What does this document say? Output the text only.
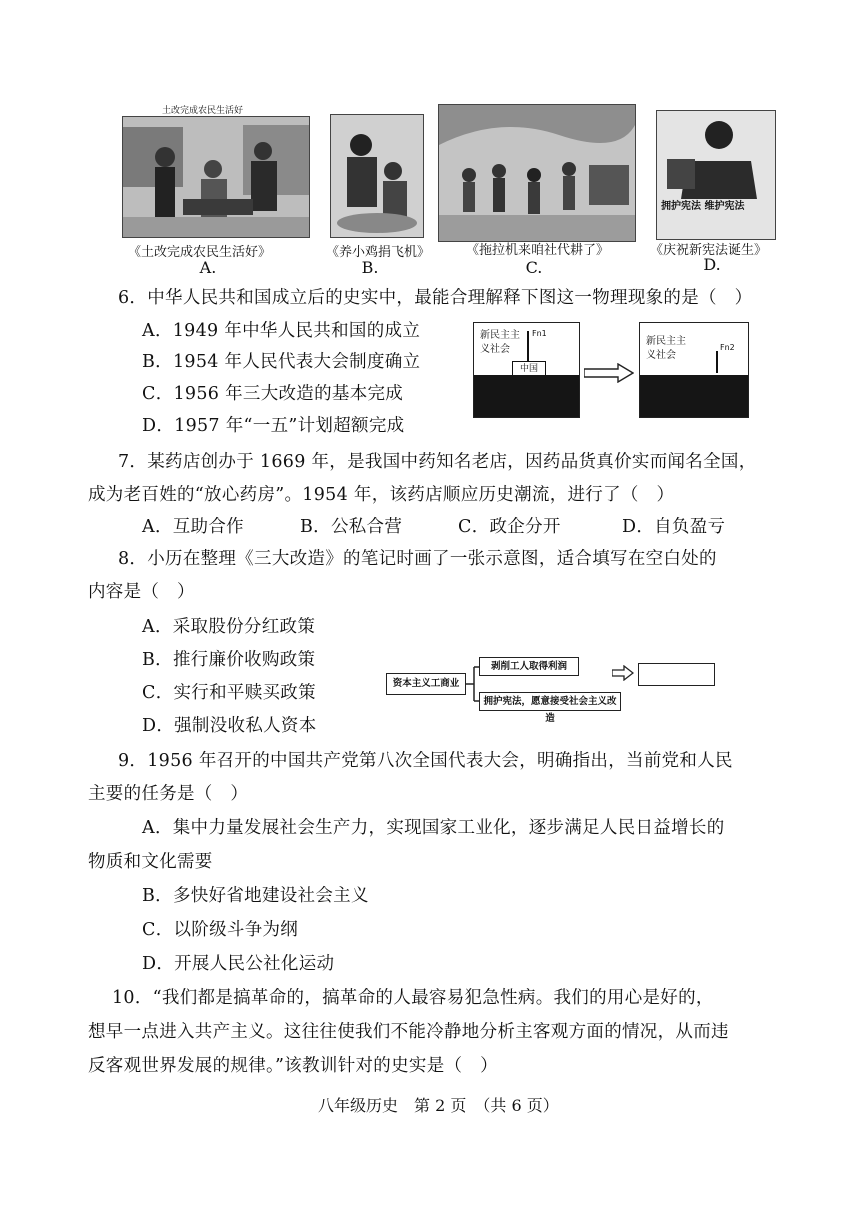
土改完成农民生活好
拥护宪法 维护宪法
《土改完成农民生活好》	《养小鸡捐飞机》	《拖拉机来咱社代耕了》	《庆祝新宪法诞生》
A.	B.	C.	D.
6．中华人民共和国成立后的史实中，最能合理解释下图这一物理现象的是（　）
A．1949 年中华人民共和国的成立
B．1954 年人民代表大会制度确立
C．1956 年三大改造的基本完成
D．1957 年“一五”计划超额完成
新民主主义社会
Fn1
中国
新民主主义社会
Fn2
7．某药店创办于 1669 年，是我国中药知名老店，因药品货真价实而闻名全国，
成为老百姓的“放心药房”。1954 年，该药店顺应历史潮流，进行了（　）
A．互助合作	B．公私合营	C．政企分开	D．自负盈亏
8．小历在整理《三大改造》的笔记时画了一张示意图，适合填写在空白处的
内容是（　）
A．采取股份分红政策
B．推行廉价收购政策
C．实行和平赎买政策
D．强制没收私人资本
资本主义工商业
剥削工人取得利润
拥护宪法，愿意接受社会主义改造
9．1956 年召开的中国共产党第八次全国代表大会，明确指出，当前党和人民
主要的任务是（　）
A．集中力量发展社会生产力，实现国家工业化，逐步满足人民日益增长的
物质和文化需要
B．多快好省地建设社会主义
C．以阶级斗争为纲
D．开展人民公社化运动
10．“我们都是搞革命的，搞革命的人最容易犯急性病。我们的用心是好的，
想早一点进入共产主义。这往往使我们不能冷静地分析主客观方面的情况，从而违
反客观世界发展的规律。”该教训针对的史实是（　）
八年级历史　第 2 页　（共 6 页）
